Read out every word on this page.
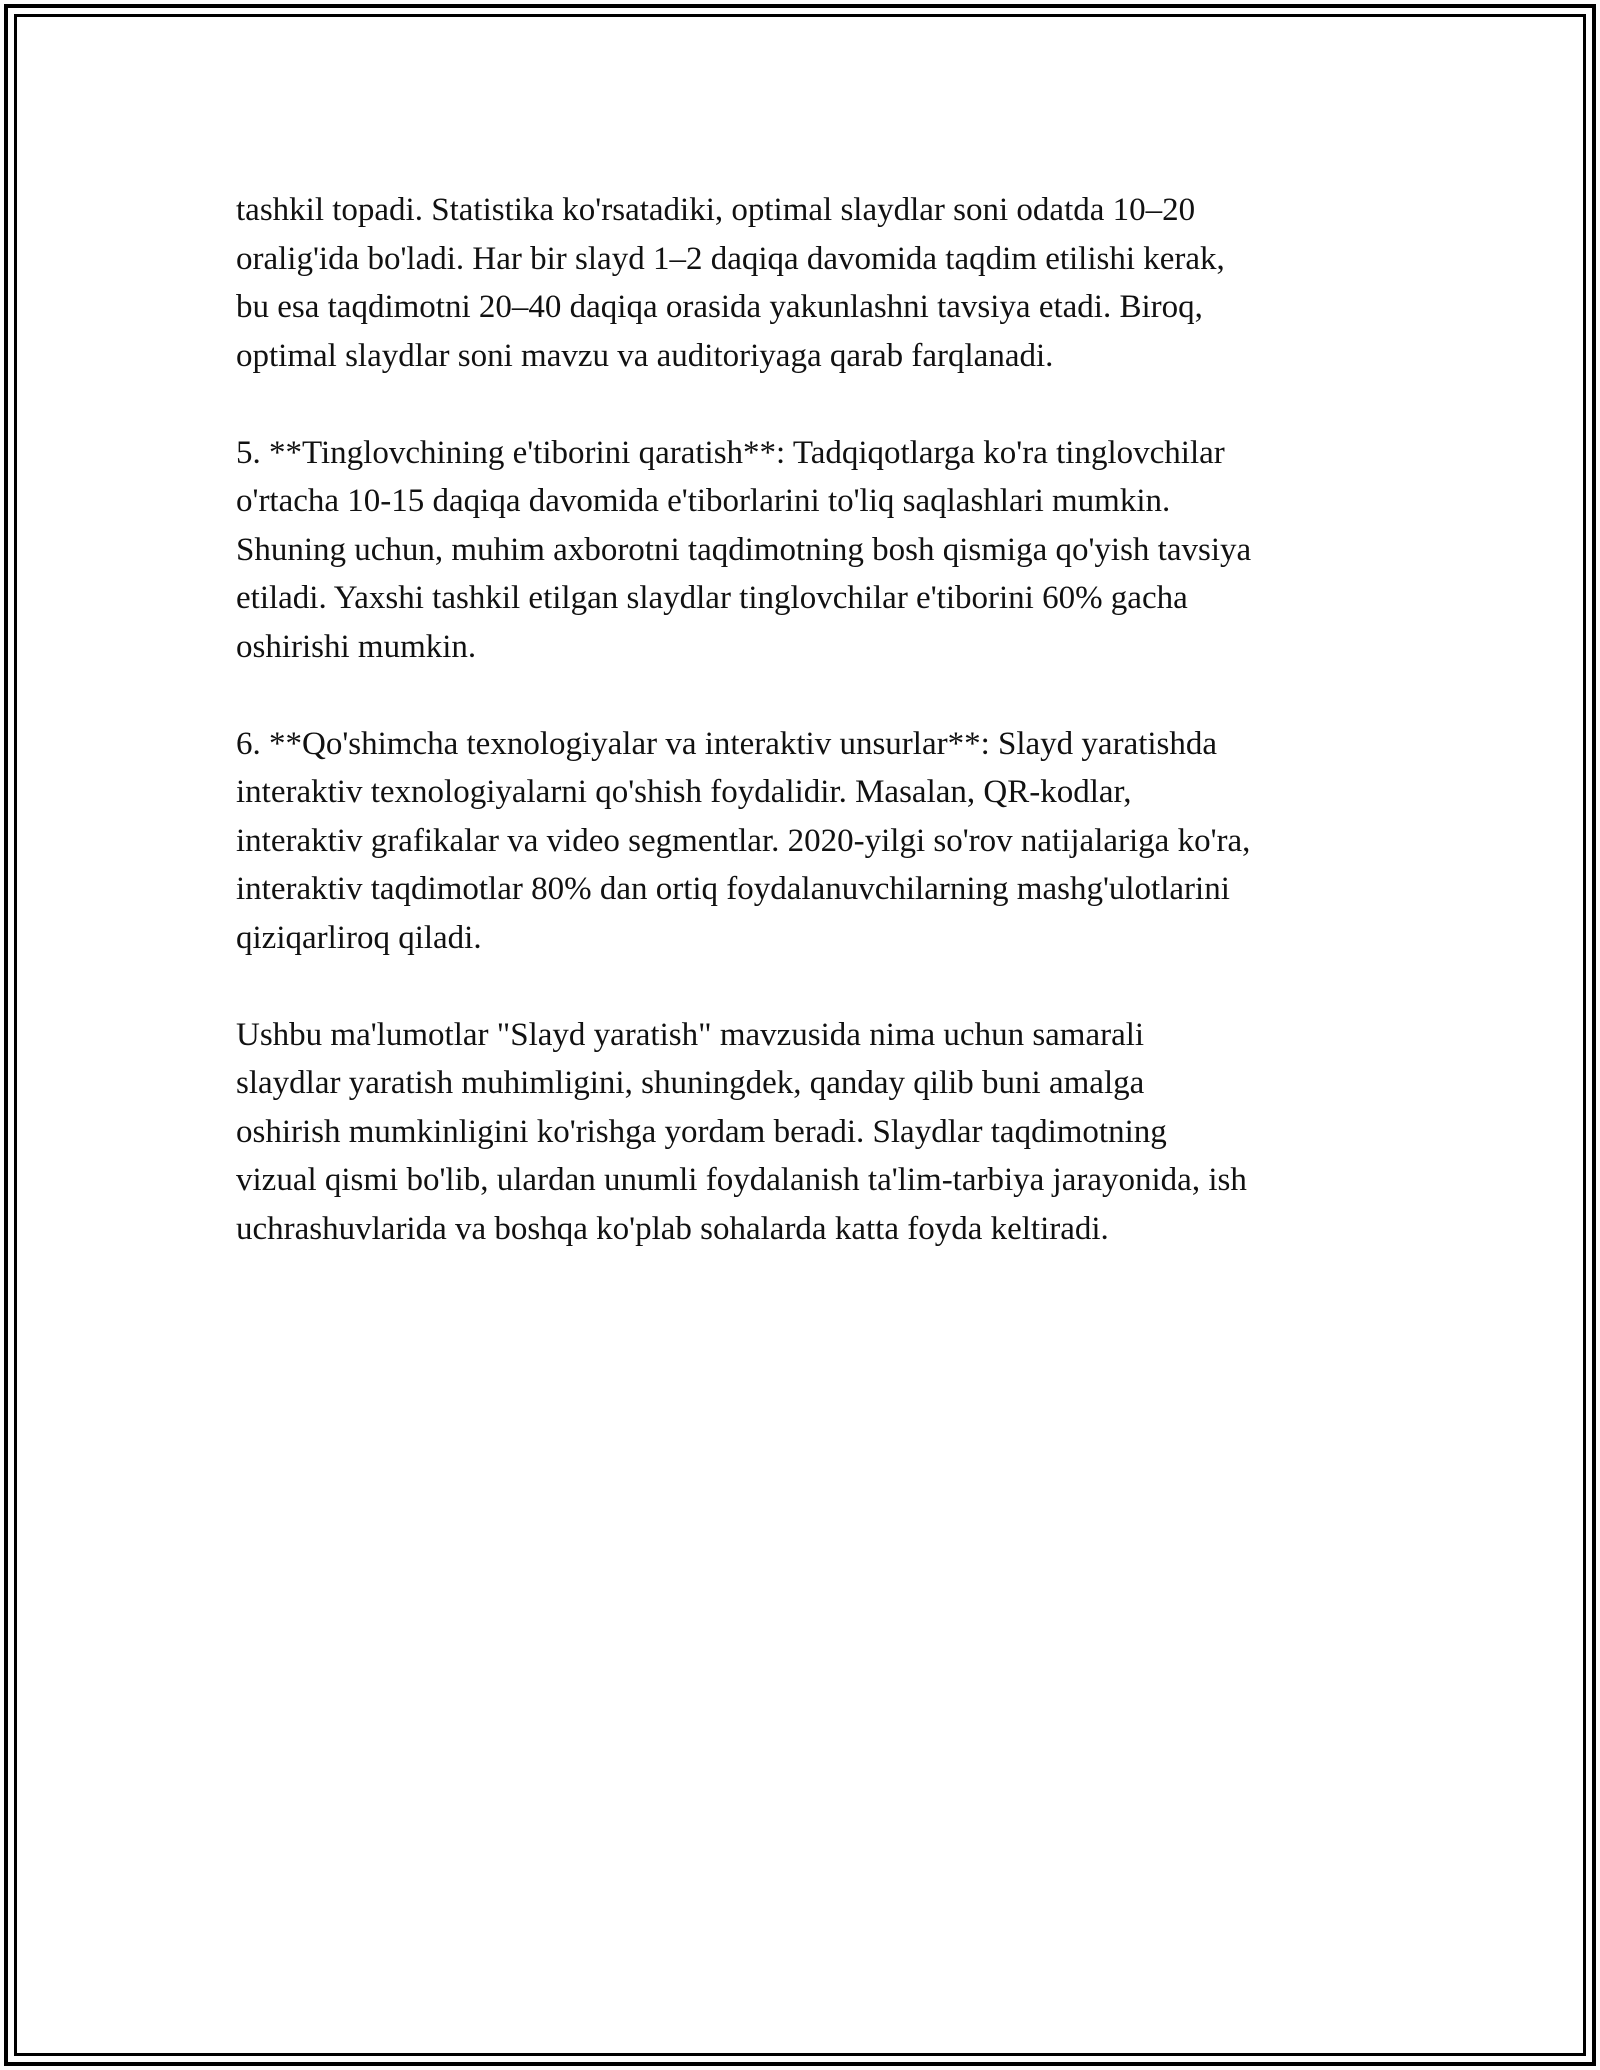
tashkil topadi. Statistika ko'rsatadiki, optimal slaydlar soni odatda 10–20
oralig'ida bo'ladi. Har bir slayd 1–2 daqiqa davomida taqdim etilishi kerak,
bu esa taqdimotni 20–40 daqiqa orasida yakunlashni tavsiya etadi. Biroq,
optimal slaydlar soni mavzu va auditoriyaga qarab farqlanadi.

5. **Tinglovchining e'tiborini qaratish**: Tadqiqotlarga ko'ra tinglovchilar
o'rtacha 10-15 daqiqa davomida e'tiborlarini to'liq saqlashlari mumkin.
Shuning uchun, muhim axborotni taqdimotning bosh qismiga qo'yish tavsiya
etiladi. Yaxshi tashkil etilgan slaydlar tinglovchilar e'tiborini 60% gacha
oshirishi mumkin.

6. **Qo'shimcha texnologiyalar va interaktiv unsurlar**: Slayd yaratishda
interaktiv texnologiyalarni qo'shish foydalidir. Masalan, QR-kodlar,
interaktiv grafikalar va video segmentlar. 2020-yilgi so'rov natijalariga ko'ra,
interaktiv taqdimotlar 80% dan ortiq foydalanuvchilarning mashg'ulotlarini
qiziqarliroq qiladi.

Ushbu ma'lumotlar "Slayd yaratish" mavzusida nima uchun samarali
slaydlar yaratish muhimligini, shuningdek, qanday qilib buni amalga
oshirish mumkinligini ko'rishga yordam beradi. Slaydlar taqdimotning
vizual qismi bo'lib, ulardan unumli foydalanish ta'lim-tarbiya jarayonida, ish
uchrashuvlarida va boshqa ko'plab sohalarda katta foyda keltiradi.
